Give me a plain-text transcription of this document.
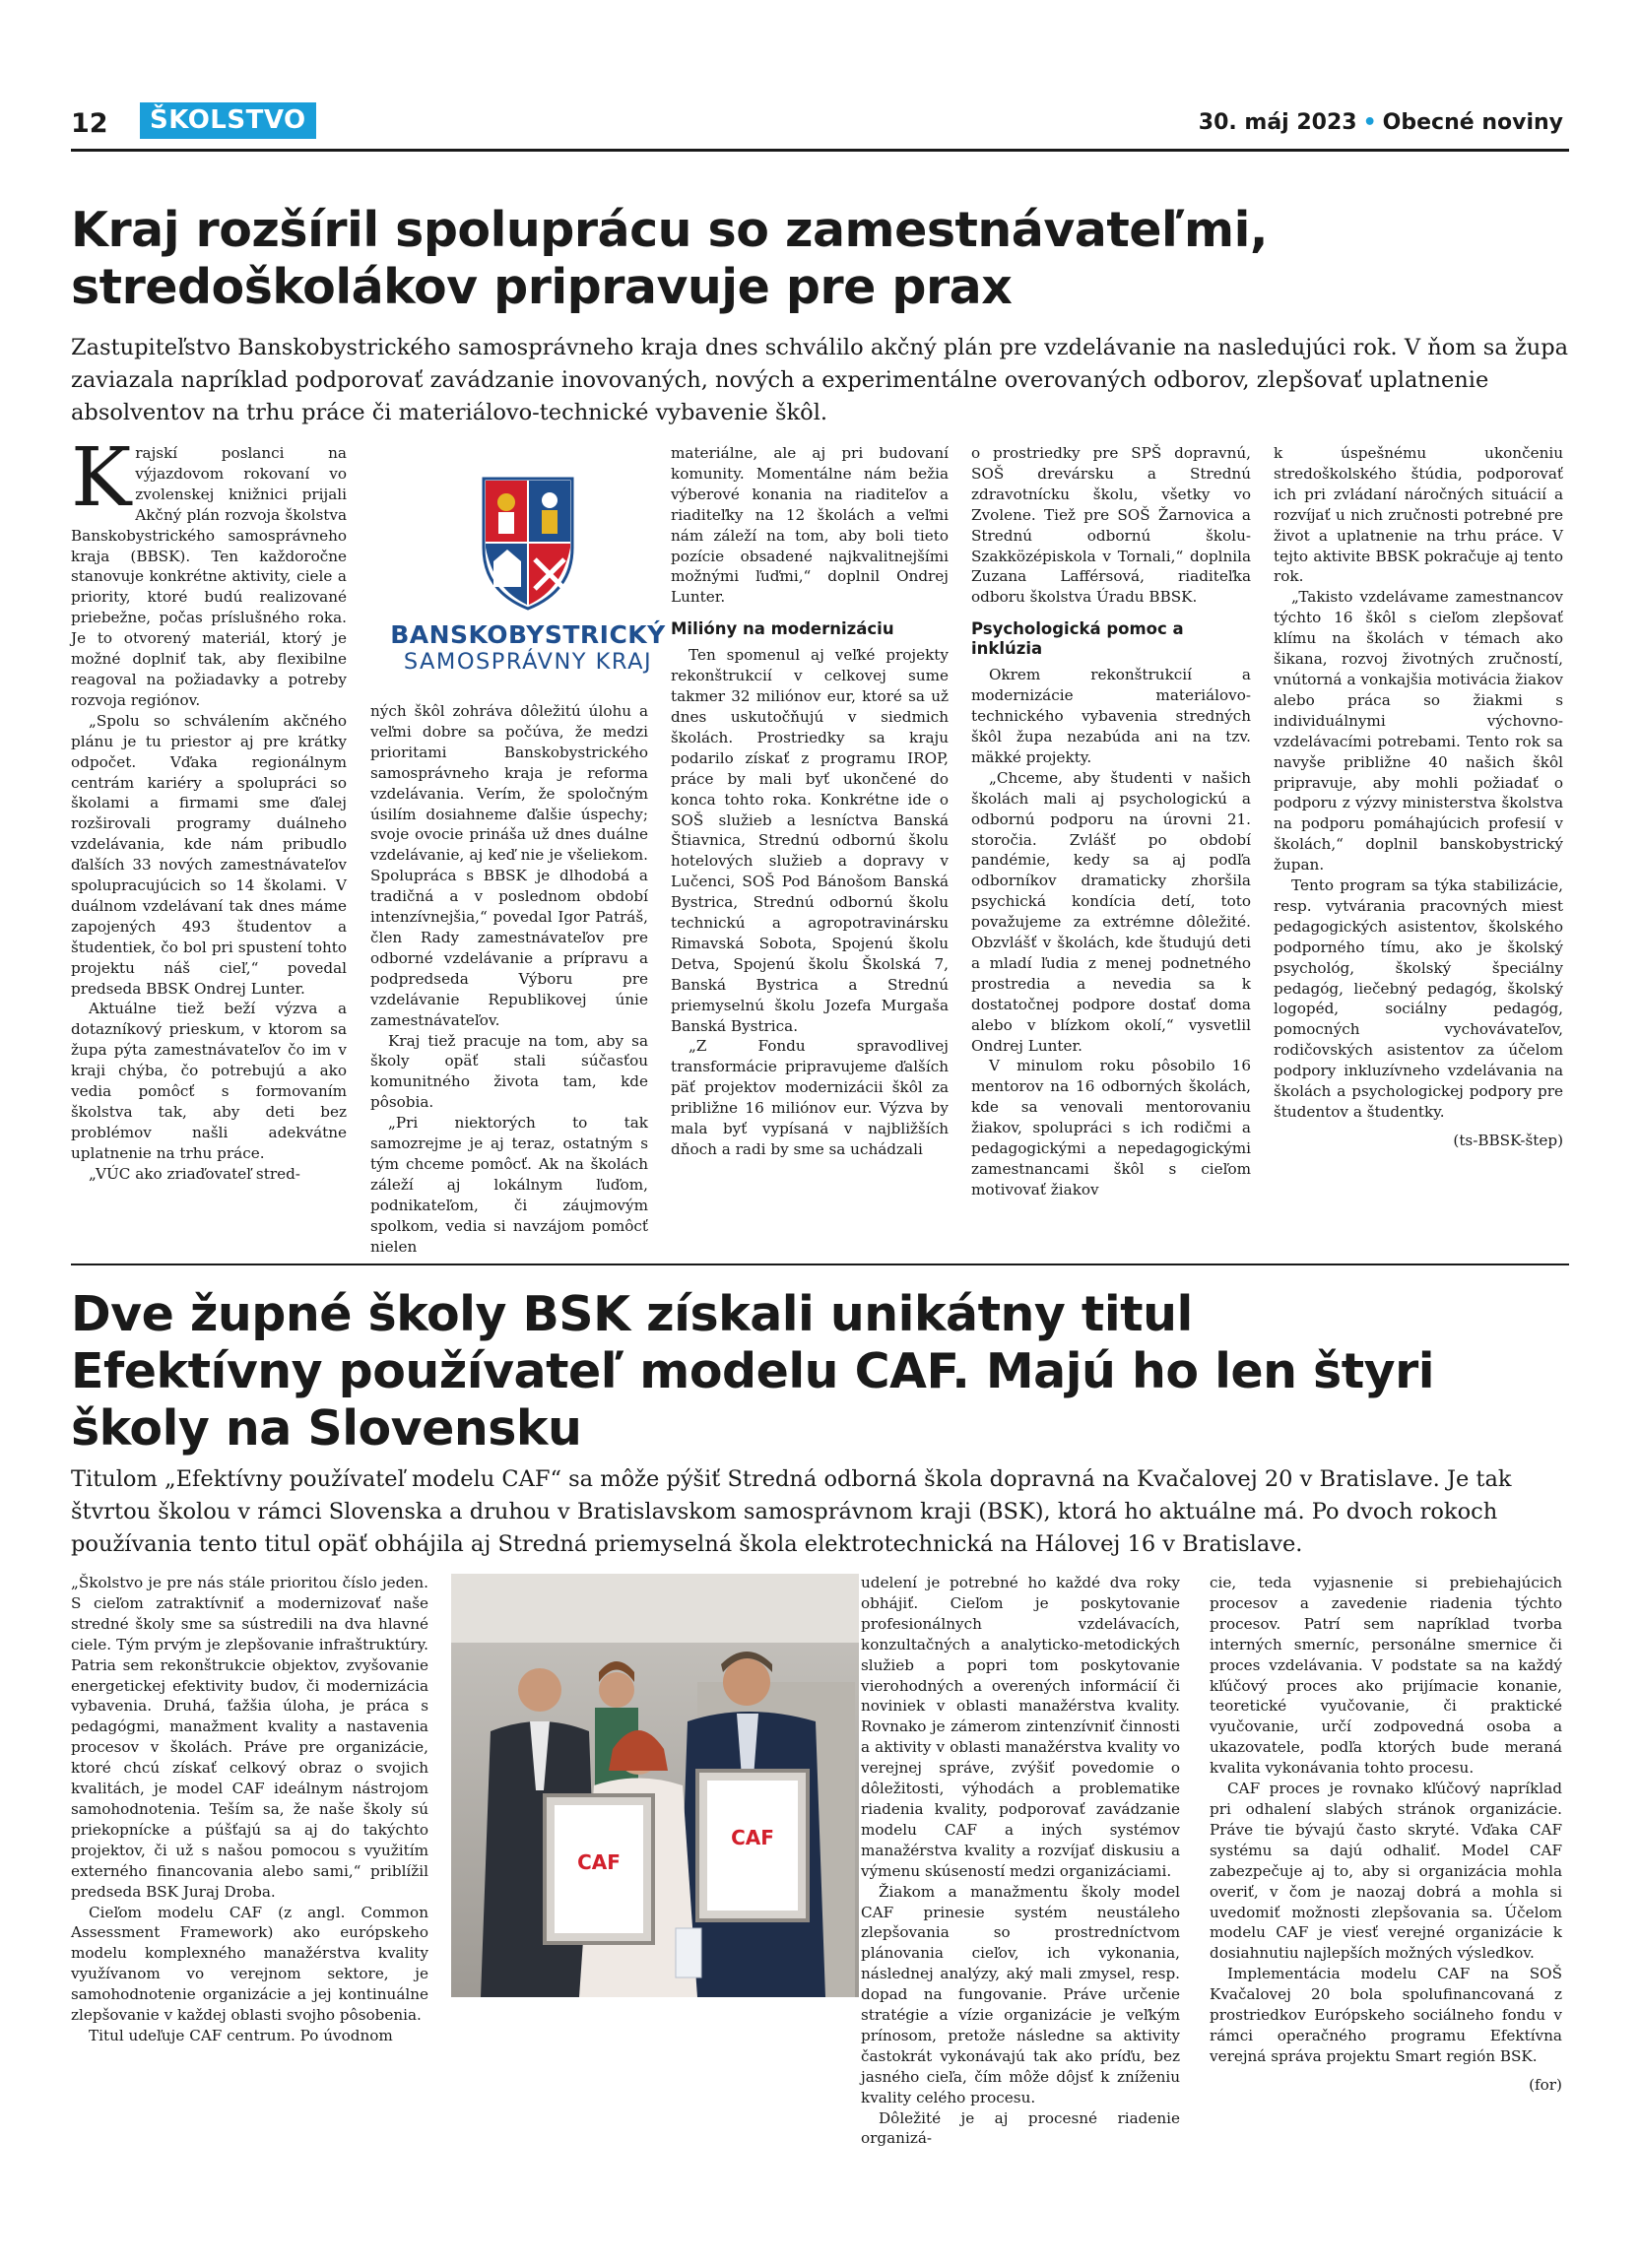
12	ŠKOLSTVO	30. máj 2023 • Obecné noviny
Kraj rozšíril spoluprácu so zamestnávateľmi, stredoškolákov pripravuje pre prax
Zastupiteľstvo Banskobystrického samosprávneho kraja dnes schválilo akčný plán pre vzdelávanie na nasledujúci rok. V ňom sa župa zaviazala napríklad podporovať zavádzanie inovovaných, nových a experimentálne overovaných odborov, zlepšovať uplatnenie absolventov na trhu práce či materiálovo-technické vybavenie škôl.

Krajskí poslanci na výjazdovom rokovaní vo zvolenskej knižnici prijali Akčný plán rozvoja školstva Banskobystrického samosprávneho kraja (BBSK). Ten každoročne stanovuje konkrétne aktivity, ciele a priority, ktoré budú realizované priebežne, počas príslušného roka. Je to otvorený materiál, ktorý je možné doplniť tak, aby flexibilne reagoval na požiadavky a potreby rozvoja regiónov.

„Spolu so schválením akčného plánu je tu priestor aj pre krátky odpočet. Vďaka regionálnym centrám kariéry a spolupráci so školami a firmami sme ďalej rozširovali programy duálneho vzdelávania, kde nám pribudlo ďalších 33 nových zamestnávateľov spolupracujúcich so 14 školami. V duálnom vzdelávaní tak dnes máme zapojených 493 študentov a študentiek, čo bol pri spustení tohto projektu náš cieľ,“ povedal predseda BBSK Ondrej Lunter.

Aktuálne tiež beží výzva a dotazníkový prieskum, v ktorom sa župa pýta zamestnávateľov čo im v kraji chýba, čo potrebujú a ako vedia pomôcť s formovaním školstva tak, aby deti bez problémov našli adekvátne uplatnenie na trhu práce.

„VÚC ako zriaďovateľ stred-

BANSKOBYSTRICKÝ
SAMOSPRÁVNY KRAJ

ných škôl zohráva dôležitú úlohu a veľmi dobre sa počúva, že medzi prioritami Banskobystrického samosprávneho kraja je reforma vzdelávania. Verím, že spoločným úsilím dosiahneme ďalšie úspechy; svoje ovocie prináša už dnes duálne vzdelávanie, aj keď nie je všeliekom. Spolupráca s BBSK je dlhodobá a tradičná a v poslednom období intenzívnejšia,“ povedal Igor Patráš, člen Rady zamestnávateľov pre odborné vzdelávanie a prípravu a podpredseda Výboru pre vzdelávanie Republikovej únie zamestnávateľov.

Kraj tiež pracuje na tom, aby sa školy opäť stali súčasťou komunitného života tam, kde pôsobia.

„Pri niektorých to tak samozrejme je aj teraz, ostatným s tým chceme pomôcť. Ak na školách záleží aj lokálnym ľuďom, podnikateľom, či záujmovým spolkom, vedia si navzájom pomôcť nielen

materiálne, ale aj pri budovaní komunity. Momentálne nám bežia výberové konania na riaditeľov a riaditeľky na 12 školách a veľmi nám záleží na tom, aby boli tieto pozície obsadené najkvalitnejšími možnými ľuďmi,“ doplnil Ondrej Lunter.

Milióny na modernizáciu

Ten spomenul aj veľké projekty rekonštrukcií v celkovej sume takmer 32 miliónov eur, ktoré sa už dnes uskutočňujú v siedmich školách. Prostriedky sa kraju podarilo získať z programu IROP, práce by mali byť ukončené do konca tohto roka. Konkrétne ide o SOŠ služieb a lesníctva Banská Štiavnica, Strednú odbornú školu hotelových služieb a dopravy v Lučenci, SOŠ Pod Bánošom Banská Bystrica, Strednú odbornú školu technickú a agropotravinársku Rimavská Sobota, Spojenú školu Detva, Spojenú školu Školská 7, Banská Bystrica a Strednú priemyselnú školu Jozefa Murgaša Banská Bystrica.

„Z Fondu spravodlivej transformácie pripravujeme ďalších päť projektov modernizácii škôl za približne 16 miliónov eur. Výzva by mala byť vypísaná v najbližších dňoch a radi by sme sa uchádzali

o prostriedky pre SPŠ dopravnú, SOŠ drevársku a Strednú zdravotnícku školu, všetky vo Zvolene. Tiež pre SOŠ Žarnovica a Strednú odbornú školu-Szakközépiskola v Tornali,“ doplnila Zuzana Lafférsová, riaditeľka odboru školstva Úradu BBSK.

Psychologická pomoc a inklúzia

Okrem rekonštrukcií a modernizácie materiálovo-technického vybavenia stredných škôl župa nezabúda ani na tzv. mäkké projekty.

„Chceme, aby študenti v našich školách mali aj psychologickú a odbornú podporu na úrovni 21. storočia. Zvlášť po období pandémie, kedy sa aj podľa odborníkov dramaticky zhoršila psychická kondícia detí, toto považujeme za extrémne dôležité. Obzvlášť v školách, kde študujú deti a mladí ľudia z menej podnetného prostredia a nevedia sa k dostatočnej podpore dostať doma alebo v blízkom okolí,“ vysvetlil Ondrej Lunter.

V minulom roku pôsobilo 16 mentorov na 16 odborných školách, kde sa venovali mentorovaniu žiakov, spolupráci s ich rodičmi a pedagogickými a nepedagogickými zamestnancami škôl s cieľom motivovať žiakov

k úspešnému ukončeniu stredoškolského štúdia, podporovať ich pri zvládaní náročných situácií a rozvíjať u nich zručnosti potrebné pre život a uplatnenie na trhu práce. V tejto aktivite BBSK pokračuje aj tento rok.

„Takisto vzdelávame zamestnancov týchto 16 škôl s cieľom zlepšovať klímu na školách v témach ako šikana, rozvoj životných zručností, vnútorná a vonkajšia motivácia žiakov alebo práca so žiakmi s individuálnymi výchovno-vzdelávacími potrebami. Tento rok sa navyše približne 40 našich škôl pripravuje, aby mohli požiadať o podporu z výzvy ministerstva školstva na podporu pomáhajúcich profesií v školách,“ doplnil banskobystrický župan.

Tento program sa týka stabilizácie, resp. vytvárania pracovných miest pedagogických asistentov, školského podporného tímu, ako je školský psychológ, školský špeciálny pedagóg, liečebný pedagóg, školský logopéd, sociálny pedagóg, pomocných vychovávateľov, rodičovských asistentov za účelom podpory inkluzívneho vzdelávania na školách a psychologickej podpory pre študentov a študentky.

(ts-BBSK-štep)

Dve župné školy BSK získali unikátny titul
Efektívny používateľ modelu CAF. Majú ho len štyri
školy na Slovensku
Titulom „Efektívny používateľ modelu CAF“ sa môže pýšiť Stredná odborná škola dopravná na Kvačalovej 20 v Bratislave. Je tak štvrtou školou v rámci Slovenska a druhou v Bratislavskom samosprávnom kraji (BSK), ktorá ho aktuálne má. Po dvoch rokoch používania tento titul opäť obhájila aj Stredná priemyselná škola elektrotechnická na Hálovej 16 v Bratislave.

„Školstvo je pre nás stále prioritou číslo jeden. S cieľom zatraktívniť a modernizovať naše stredné školy sme sa sústredili na dva hlavné ciele. Tým prvým je zlepšovanie infraštruktúry. Patria sem rekonštrukcie objektov, zvyšovanie energetickej efektivity budov, či modernizácia vybavenia. Druhá, ťažšia úloha, je práca s pedagógmi, manažment kvality a nastavenia procesov v školách. Práve pre organizácie, ktoré chcú získať celkový obraz o svojich kvalitách, je model CAF ideálnym nástrojom samohodnotenia. Teším sa, že naše školy sú priekopnícke a púšťajú sa aj do takýchto projektov, či už s našou pomocou s využitím externého financovania alebo sami,“ priblížil predseda BSK Juraj Droba.

Cieľom modelu CAF (z angl. Common Assessment Framework) ako európskeho modelu komplexného manažérstva kvality využívanom vo verejnom sektore, je samohodnotenie organizácie a jej kontinuálne zlepšovanie v každej oblasti svojho pôsobenia.

Titul udeľuje CAF centrum. Po úvodnom

CAF
CAF

udelení je potrebné ho každé dva roky obhájiť. Cieľom je poskytovanie profesionálnych vzdelávacích, konzultačných a analyticko-metodických služieb a popri tom poskytovanie vierohodných a overených informácií či noviniek v oblasti manažérstva kvality. Rovnako je zámerom zintenzívniť činnosti a aktivity v oblasti manažérstva kvality vo verejnej správe, zvýšiť povedomie o dôležitosti, výhodách a problematike riadenia kvality, podporovať zavádzanie modelu CAF a iných systémov manažérstva kvality a rozvíjať diskusiu a výmenu skúseností medzi organizáciami.

Žiakom a manažmentu školy model CAF prinesie systém neustáleho zlepšovania so prostredníctvom plánovania cieľov, ich vykonania, následnej analýzy, aký mali zmysel, resp. dopad na fungovanie. Práve určenie stratégie a vízie organizácie je veľkým prínosom, pretože následne sa aktivity častokrát vykonávajú tak ako príďu, bez jasného cieľa, čím môže dôjsť k zníženiu kvality celého procesu.

Dôležité je aj procesné riadenie organizá-

cie, teda vyjasnenie si prebiehajúcich procesov a zavedenie riadenia týchto procesov. Patrí sem napríklad tvorba interných smerníc, personálne smernice či proces vzdelávania. V podstate sa na každý kľúčový proces ako prijímacie konanie, teoretické vyučovanie, či praktické vyučovanie, určí zodpovedná osoba a ukazovatele, podľa ktorých bude meraná kvalita vykonávania tohto procesu.

CAF proces je rovnako kľúčový napríklad pri odhalení slabých stránok organizácie. Práve tie bývajú často skryté. Vďaka CAF systému sa dajú odhaliť. Model CAF zabezpečuje aj to, aby si organizácia mohla overiť, v čom je naozaj dobrá a mohla si uvedomiť možnosti zlepšovania sa. Účelom modelu CAF je viesť verejné organizácie k dosiahnutiu najlepších možných výsledkov.

Implementácia modelu CAF na SOŠ Kvačalovej 20 bola spolufinancovaná z prostriedkov Európskeho sociálneho fondu v rámci operačného programu Efektívna verejná správa projektu Smart región BSK.

(for)
